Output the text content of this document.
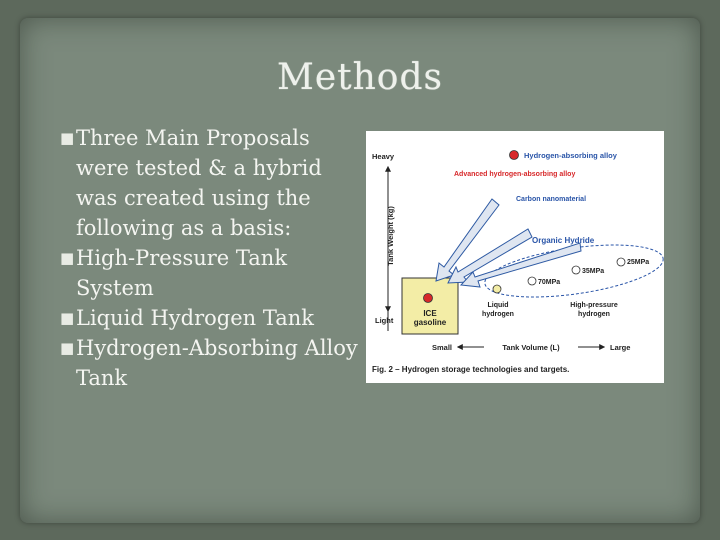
Methods
■ Three Main Proposals were tested & a hybrid was created using the following as a basis:
■ High-Pressure Tank System
■ Liquid Hydrogen Tank
■ Hydrogen-Absorbing Alloy Tank
ICE
gasoline
Heavy
Light
Tank Weight (kg)
Small	Tank Volume (L)	Large
Hydrogen-absorbing alloy
Advanced hydrogen-absorbing alloy
Carbon nanomaterial
Organic Hydride
25MPa
35MPa
70MPa
Liquid
hydrogen
High-pressure
hydrogen
Fig. 2 – Hydrogen storage technologies and targets.
